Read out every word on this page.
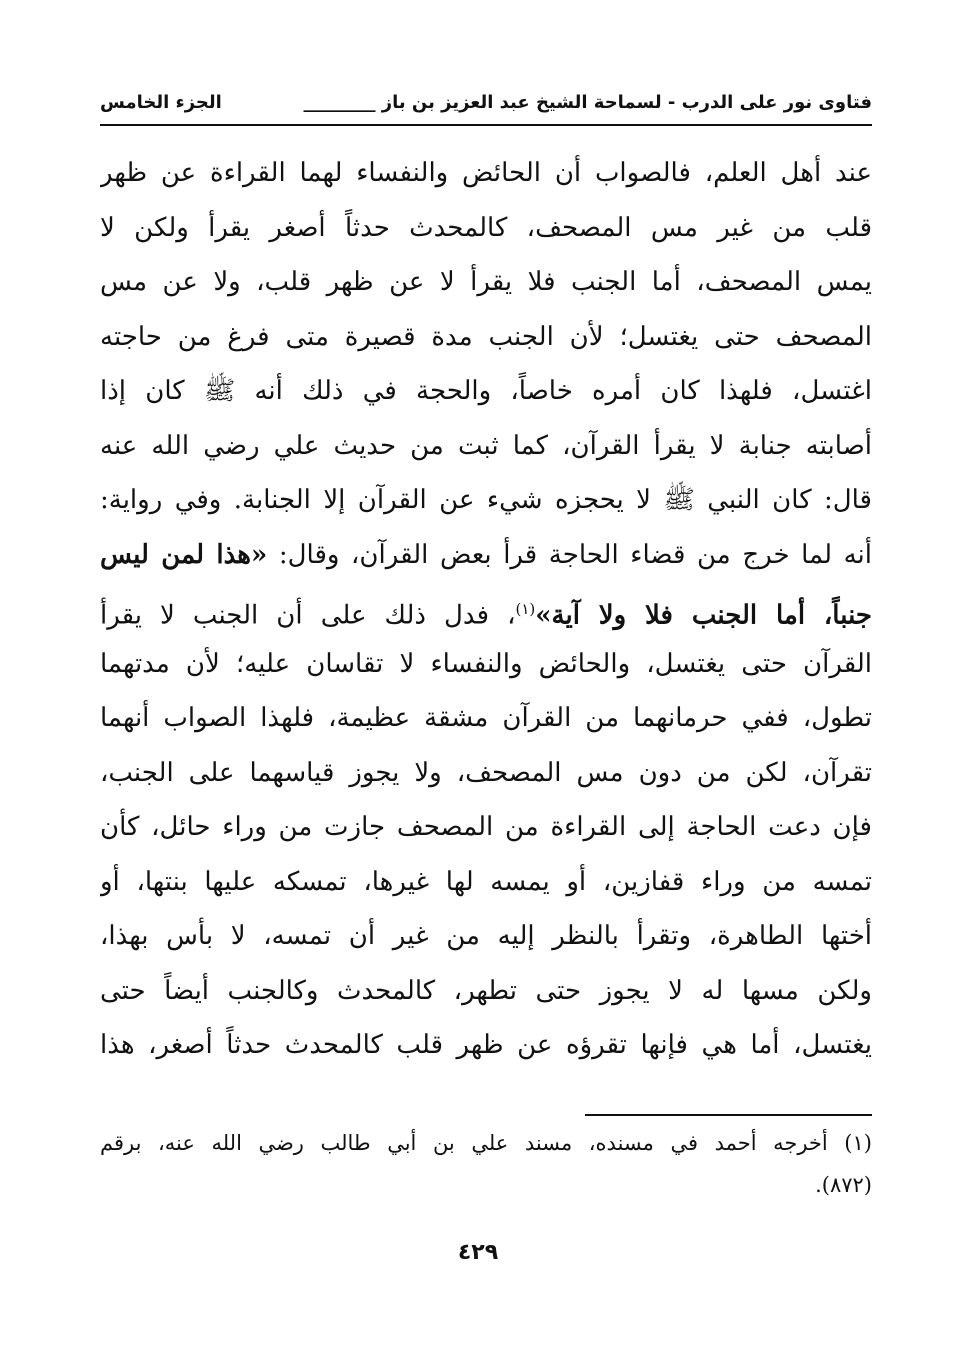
فتاوى نور على الدرب - لسماحة الشيخ عبد العزيز بن باز ________
الجزء الخامس
عند أهل العلم، فالصواب أن الحائض والنفساء لهما القراءة عن ظهر
قلب من غير مس المصحف، كالمحدث حدثاً أصغر يقرأ ولكن لا
يمس المصحف، أما الجنب فلا يقرأ لا عن ظهر قلب، ولا عن مس
المصحف حتى يغتسل؛ لأن الجنب مدة قصيرة متى فرغ من حاجته
اغتسل، فلهذا كان أمره خاصاً، والحجة في ذلك أنه ﷺ كان إذا
أصابته جنابة لا يقرأ القرآن، كما ثبت من حديث علي رضي الله عنه
قال: كان النبي ﷺ لا يحجزه شيء عن القرآن إلا الجنابة. وفي رواية:
أنه لما خرج من قضاء الحاجة قرأ بعض القرآن، وقال: «هذا لمن ليس
جنباً، أما الجنب فلا ولا آية»$^{(١)}$، فدل ذلك على أن الجنب لا يقرأ
القرآن حتى يغتسل، والحائض والنفساء لا تقاسان عليه؛ لأن مدتهما
تطول، ففي حرمانهما من القرآن مشقة عظيمة، فلهذا الصواب أنهما
تقرآن، لكن من دون مس المصحف، ولا يجوز قياسهما على الجنب،
فإن دعت الحاجة إلى القراءة من المصحف جازت من وراء حائل، كأن
تمسه من وراء قفازين، أو يمسه لها غيرها، تمسكه عليها بنتها، أو
أختها الطاهرة، وتقرأ بالنظر إليه من غير أن تمسه، لا بأس بهذا،
ولكن مسها له لا يجوز حتى تطهر، كالمحدث وكالجنب أيضاً حتى
يغتسل، أما هي فإنها تقرؤه عن ظهر قلب كالمحدث حدثاً أصغر، هذا
(١) أخرجه أحمد في مسنده، مسند علي بن أبي طالب رضي الله عنه، برقم
(٨٧٢).
٤٢٩
